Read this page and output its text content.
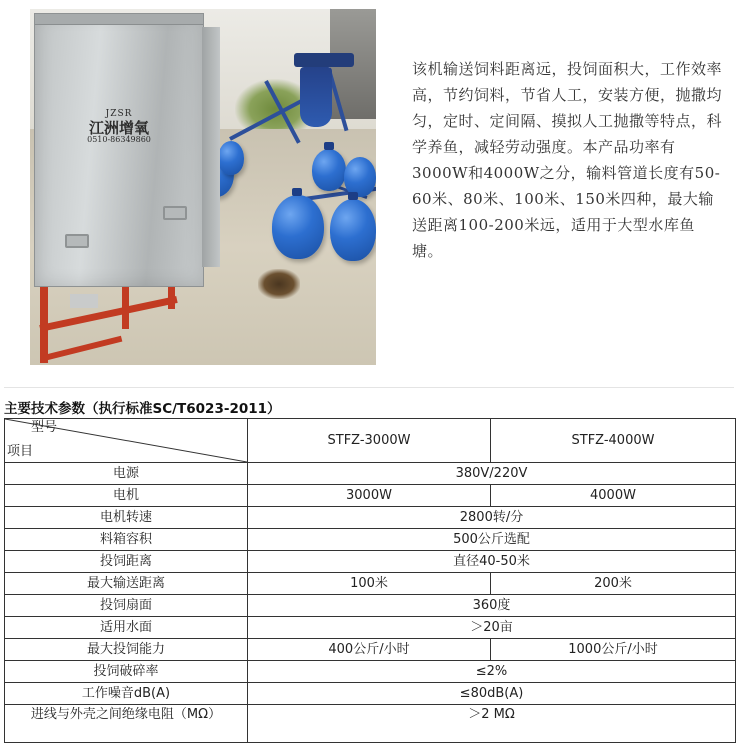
JZSR
江洲增氧
0510-86349860

该机输送饲料距离远，投饲面积大，工作效率高，节约饲料，节省人工，安装方便，抛撒均匀，定时、定间隔、摸拟人工抛撒等特点，科学养鱼，减轻劳动强度。本产品功率有3000W和4000W之分，输料管道长度有50-60米、80米、100米、150米四种，最大输送距离100-200米远，适用于大型水库鱼塘。

主要技术参数（执行标准SC/T6023-2011）
型号
项目	STFZ-3000W	STFZ-4000W
电源	380V/220V	
电机	3000W	4000W
电机转速	2800转/分	
料箱容积	500公斤选配	
投饲距离	直径40-50米	
最大输送距离	100米	200米
投饲扇面	360度	
适用水面	＞20亩	
最大投饲能力	400公斤/小时	1000公斤/小时
投饲破碎率	≤2%	
工作噪音dB(A)	≤80dB(A)	
进线与外壳之间绝缘电阻（MΩ）	＞2 MΩ	
